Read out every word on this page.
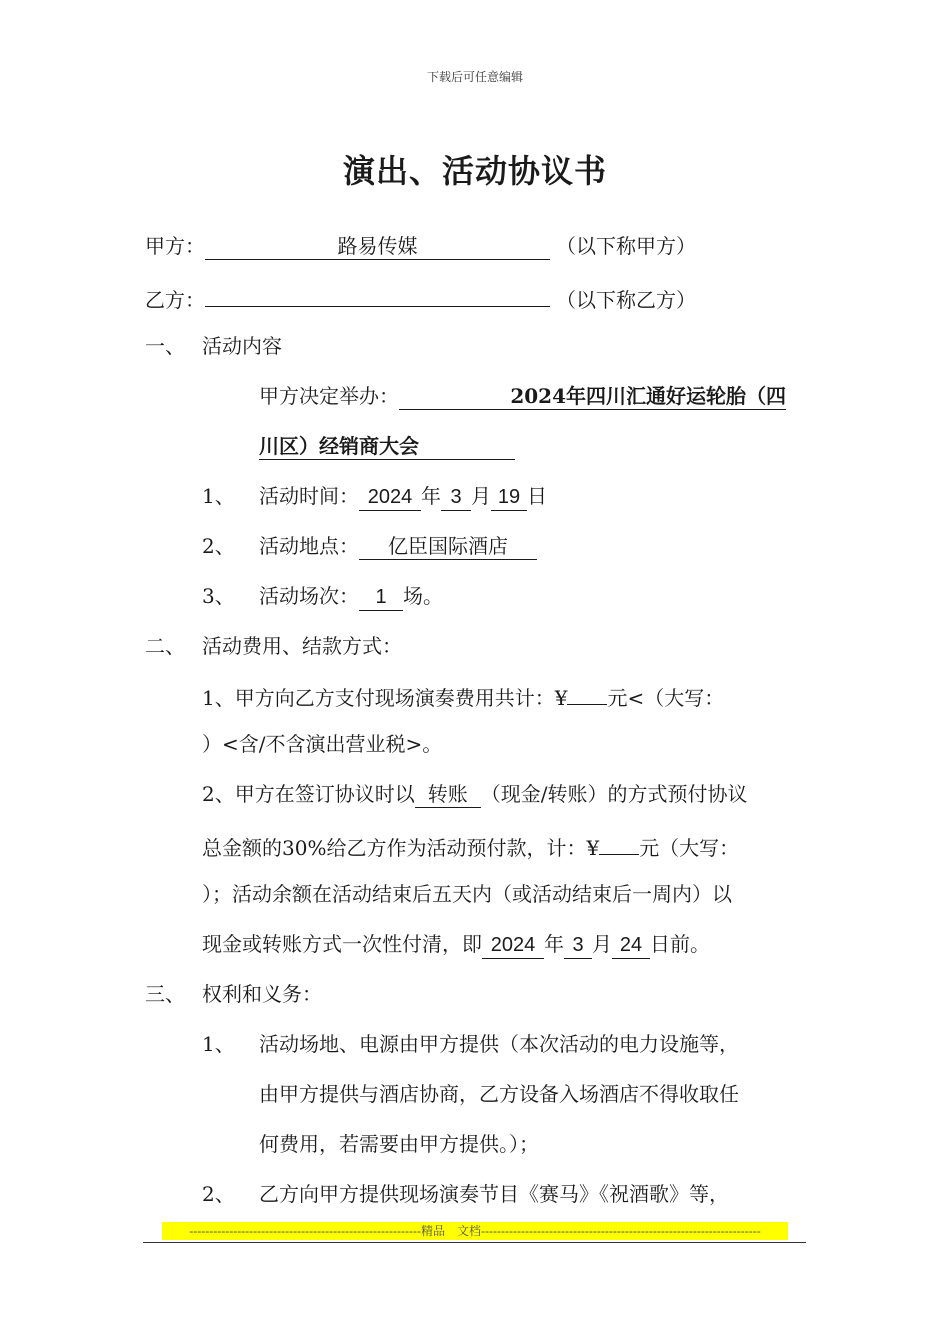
下载后可任意编辑
演出、活动协议书
甲方：	路易传媒	（以下称甲方）
乙方：	（以下称乙方）
一、 活动内容
甲方决定举办：	2024年四川汇通好运轮胎（四
川区）经销商大会
1、 活动时间： 2024 年 3 月 19 日
2、 活动地点： 亿臣国际酒店
3、 活动场次： 1 场。
二、 活动费用、结款方式：
1、甲方向乙方支付现场演奏费用共计：¥ 元<（大写：
）<含/不含演出营业税>。
2、甲方在签订协议时以 转账 （现金/转账）的方式预付协议
总金额的30%给乙方作为活动预付款，计：¥ 元（大写：
）；活动余额在活动结束后五天内（或活动结束后一周内）以
现金或转账方式一次性付清，即 2024 年 3 月 24 日前。
三、 权利和义务：
1、 活动场地、电源由甲方提供（本次活动的电力设施等，
由甲方提供与酒店协商，乙方设备入场酒店不得收取任
何费用，若需要由甲方提供。）；
2、 乙方向甲方提供现场演奏节目《赛马》《祝酒歌》等，
----------------------------------------------------------精品　文档----------------------------------------------------------------------
